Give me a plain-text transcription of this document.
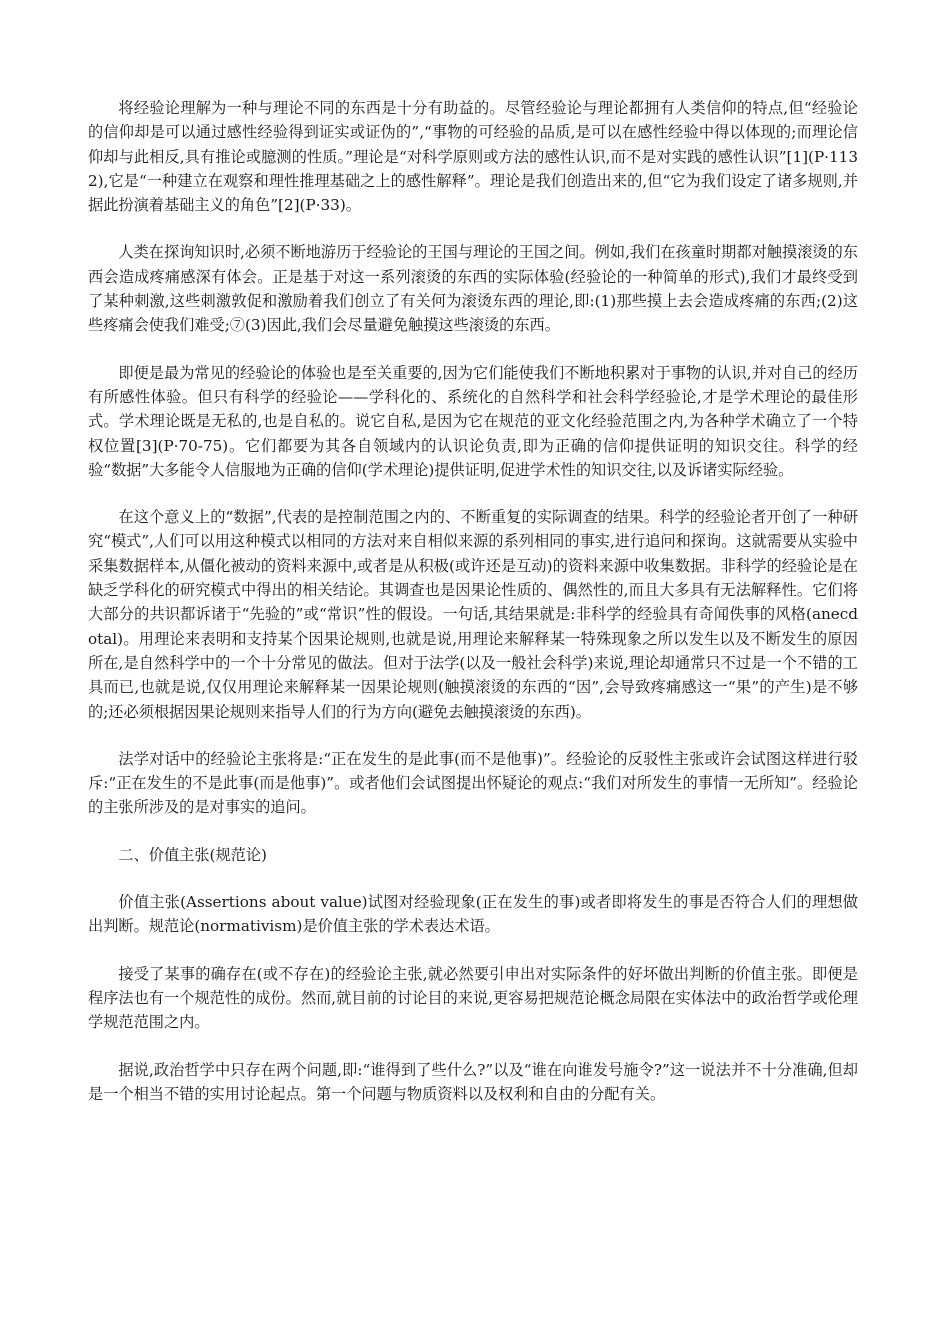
将经验论理解为一种与理论不同的东西是十分有助益的。尽管经验论与理论都拥有人类信仰的特点,但“经验论的信仰却是可以通过感性经验得到证实或证伪的”,“事物的可经验的品质,是可以在感性经验中得以体现的;而理论信仰却与此相反,具有推论或臆测的性质。”理论是“对科学原则或方法的感性认识,而不是对实践的感性认识”[1](P·1132),它是“一种建立在观察和理性推理基础之上的感性解释”。理论是我们创造出来的,但“它为我们设定了诸多规则,并据此扮演着基础主义的角色”[2](P·33)。

人类在探询知识时,必须不断地游历于经验论的王国与理论的王国之间。例如,我们在孩童时期都对触摸滚烫的东西会造成疼痛感深有体会。正是基于对这一系列滚烫的东西的实际体验(经验论的一种简单的形式),我们才最终受到了某种刺激,这些刺激敦促和激励着我们创立了有关何为滚烫东西的理论,即:(1)那些摸上去会造成疼痛的东西;(2)这些疼痛会使我们难受;⑦(3)因此,我们会尽量避免触摸这些滚烫的东西。

即便是最为常见的经验论的体验也是至关重要的,因为它们能使我们不断地积累对于事物的认识,并对自己的经历有所感性体验。但只有科学的经验论——学科化的、系统化的自然科学和社会科学经验论,才是学术理论的最佳形式。学术理论既是无私的,也是自私的。说它自私,是因为它在规范的亚文化经验范围之内,为各种学术确立了一个特权位置[3](P·70-75)。它们都要为其各自领域内的认识论负责,即为正确的信仰提供证明的知识交往。科学的经验“数据”大多能令人信服地为正确的信仰(学术理论)提供证明,促进学术性的知识交往,以及诉诸实际经验。

在这个意义上的“数据”,代表的是控制范围之内的、不断重复的实际调查的结果。科学的经验论者开创了一种研究“模式”,人们可以用这种模式以相同的方法对来自相似来源的系列相同的事实,进行追问和探询。这就需要从实验中采集数据样本,从僵化被动的资料来源中,或者是从积极(或许还是互动)的资料来源中收集数据。非科学的经验论是在缺乏学科化的研究模式中得出的相关结论。其调查也是因果论性质的、偶然性的,而且大多具有无法解释性。它们将大部分的共识都诉诸于“先验的”或“常识”性的假设。一句话,其结果就是:非科学的经验具有奇闻佚事的风格(anecdotal)。用理论来表明和支持某个因果论规则,也就是说,用理论来解释某一特殊现象之所以发生以及不断发生的原因所在,是自然科学中的一个十分常见的做法。但对于法学(以及一般社会科学)来说,理论却通常只不过是一个不错的工具而已,也就是说,仅仅用理论来解释某一因果论规则(触摸滚烫的东西的“因”,会导致疼痛感这一“果”的产生)是不够的;还必须根据因果论规则来指导人们的行为方向(避免去触摸滚烫的东西)。

法学对话中的经验论主张将是:“正在发生的是此事(而不是他事)”。经验论的反驳性主张或许会试图这样进行驳斥:“正在发生的不是此事(而是他事)”。或者他们会试图提出怀疑论的观点:“我们对所发生的事情一无所知”。经验论的主张所涉及的是对事实的追问。

二、价值主张(规范论)

价值主张(Assertions about value)试图对经验现象(正在发生的事)或者即将发生的事是否符合人们的理想做出判断。规范论(normativism)是价值主张的学术表达术语。

接受了某事的确存在(或不存在)的经验论主张,就必然要引申出对实际条件的好坏做出判断的价值主张。即便是程序法也有一个规范性的成份。然而,就目前的讨论目的来说,更容易把规范论概念局限在实体法中的政治哲学或伦理学规范范围之内。

据说,政治哲学中只存在两个问题,即:“谁得到了些什么?”以及“谁在向谁发号施令?”这一说法并不十分准确,但却是一个相当不错的实用讨论起点。第一个问题与物质资料以及权利和自由的分配有关。
